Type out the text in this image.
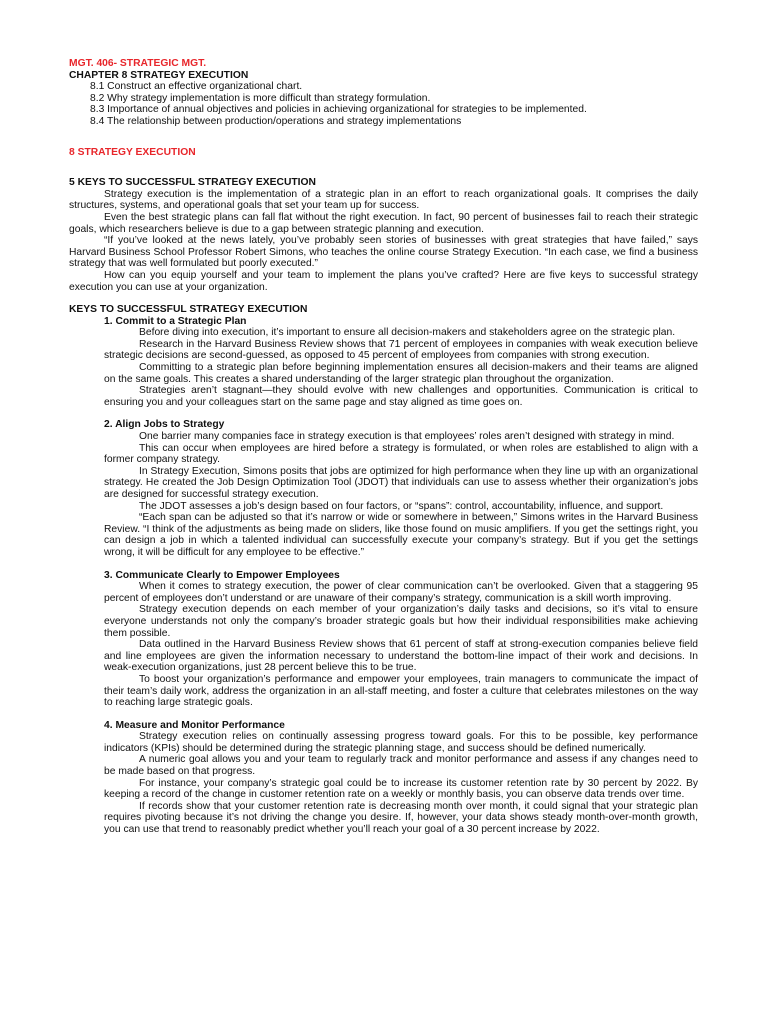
MGT. 406- STRATEGIC MGT.
CHAPTER 8 STRATEGY EXECUTION
8.1 Construct an effective organizational chart.
8.2 Why strategy implementation is more difficult than strategy formulation.
8.3 Importance of annual objectives and policies in achieving organizational for strategies to be implemented.
8.4 The relationship between production/operations and strategy implementations
8 STRATEGY EXECUTION
5 KEYS TO SUCCESSFUL STRATEGY EXECUTION

Strategy execution is the implementation of a strategic plan in an effort to reach organizational goals. It comprises the daily structures, systems, and operational goals that set your team up for success.

Even the best strategic plans can fall flat without the right execution. In fact, 90 percent of businesses fail to reach their strategic goals, which researchers believe is due to a gap between strategic planning and execution.

“If you’ve looked at the news lately, you’ve probably seen stories of businesses with great strategies that have failed,” says Harvard Business School Professor Robert Simons, who teaches the online course Strategy Execution. “In each case, we find a business strategy that was well formulated but poorly executed.”

How can you equip yourself and your team to implement the plans you’ve crafted? Here are five keys to successful strategy execution you can use at your organization.

KEYS TO SUCCESSFUL STRATEGY EXECUTION
1. Commit to a Strategic Plan

Before diving into execution, it’s important to ensure all decision-makers and stakeholders agree on the strategic plan.

Research in the Harvard Business Review shows that 71 percent of employees in companies with weak execution believe strategic decisions are second-guessed, as opposed to 45 percent of employees from companies with strong execution.

Committing to a strategic plan before beginning implementation ensures all decision-makers and their teams are aligned on the same goals. This creates a shared understanding of the larger strategic plan throughout the organization.

Strategies aren’t stagnant—they should evolve with new challenges and opportunities. Communication is critical to ensuring you and your colleagues start on the same page and stay aligned as time goes on.

2. Align Jobs to Strategy

One barrier many companies face in strategy execution is that employees’ roles aren’t designed with strategy in mind.

This can occur when employees are hired before a strategy is formulated, or when roles are established to align with a former company strategy.

In Strategy Execution, Simons posits that jobs are optimized for high performance when they line up with an organizational strategy. He created the Job Design Optimization Tool (JDOT) that individuals can use to assess whether their organization’s jobs are designed for successful strategy execution.

The JDOT assesses a job’s design based on four factors, or “spans”: control, accountability, influence, and support.

“Each span can be adjusted so that it’s narrow or wide or somewhere in between,” Simons writes in the Harvard Business Review. “I think of the adjustments as being made on sliders, like those found on music amplifiers. If you get the settings right, you can design a job in which a talented individual can successfully execute your company’s strategy. But if you get the settings wrong, it will be difficult for any employee to be effective.”

3. Communicate Clearly to Empower Employees

When it comes to strategy execution, the power of clear communication can’t be overlooked. Given that a staggering 95 percent of employees don’t understand or are unaware of their company’s strategy, communication is a skill worth improving.

Strategy execution depends on each member of your organization’s daily tasks and decisions, so it’s vital to ensure everyone understands not only the company’s broader strategic goals but how their individual responsibilities make achieving them possible.

Data outlined in the Harvard Business Review shows that 61 percent of staff at strong-execution companies believe field and line employees are given the information necessary to understand the bottom-line impact of their work and decisions. In weak-execution organizations, just 28 percent believe this to be true.

To boost your organization’s performance and empower your employees, train managers to communicate the impact of their team’s daily work, address the organization in an all-staff meeting, and foster a culture that celebrates milestones on the way to reaching large strategic goals.

4. Measure and Monitor Performance

Strategy execution relies on continually assessing progress toward goals. For this to be possible, key performance indicators (KPIs) should be determined during the strategic planning stage, and success should be defined numerically.

A numeric goal allows you and your team to regularly track and monitor performance and assess if any changes need to be made based on that progress.

For instance, your company’s strategic goal could be to increase its customer retention rate by 30 percent by 2022. By keeping a record of the change in customer retention rate on a weekly or monthly basis, you can observe data trends over time.

If records show that your customer retention rate is decreasing month over month, it could signal that your strategic plan requires pivoting because it’s not driving the change you desire. If, however, your data shows steady month-over-month growth, you can use that trend to reasonably predict whether you’ll reach your goal of a 30 percent increase by 2022.
